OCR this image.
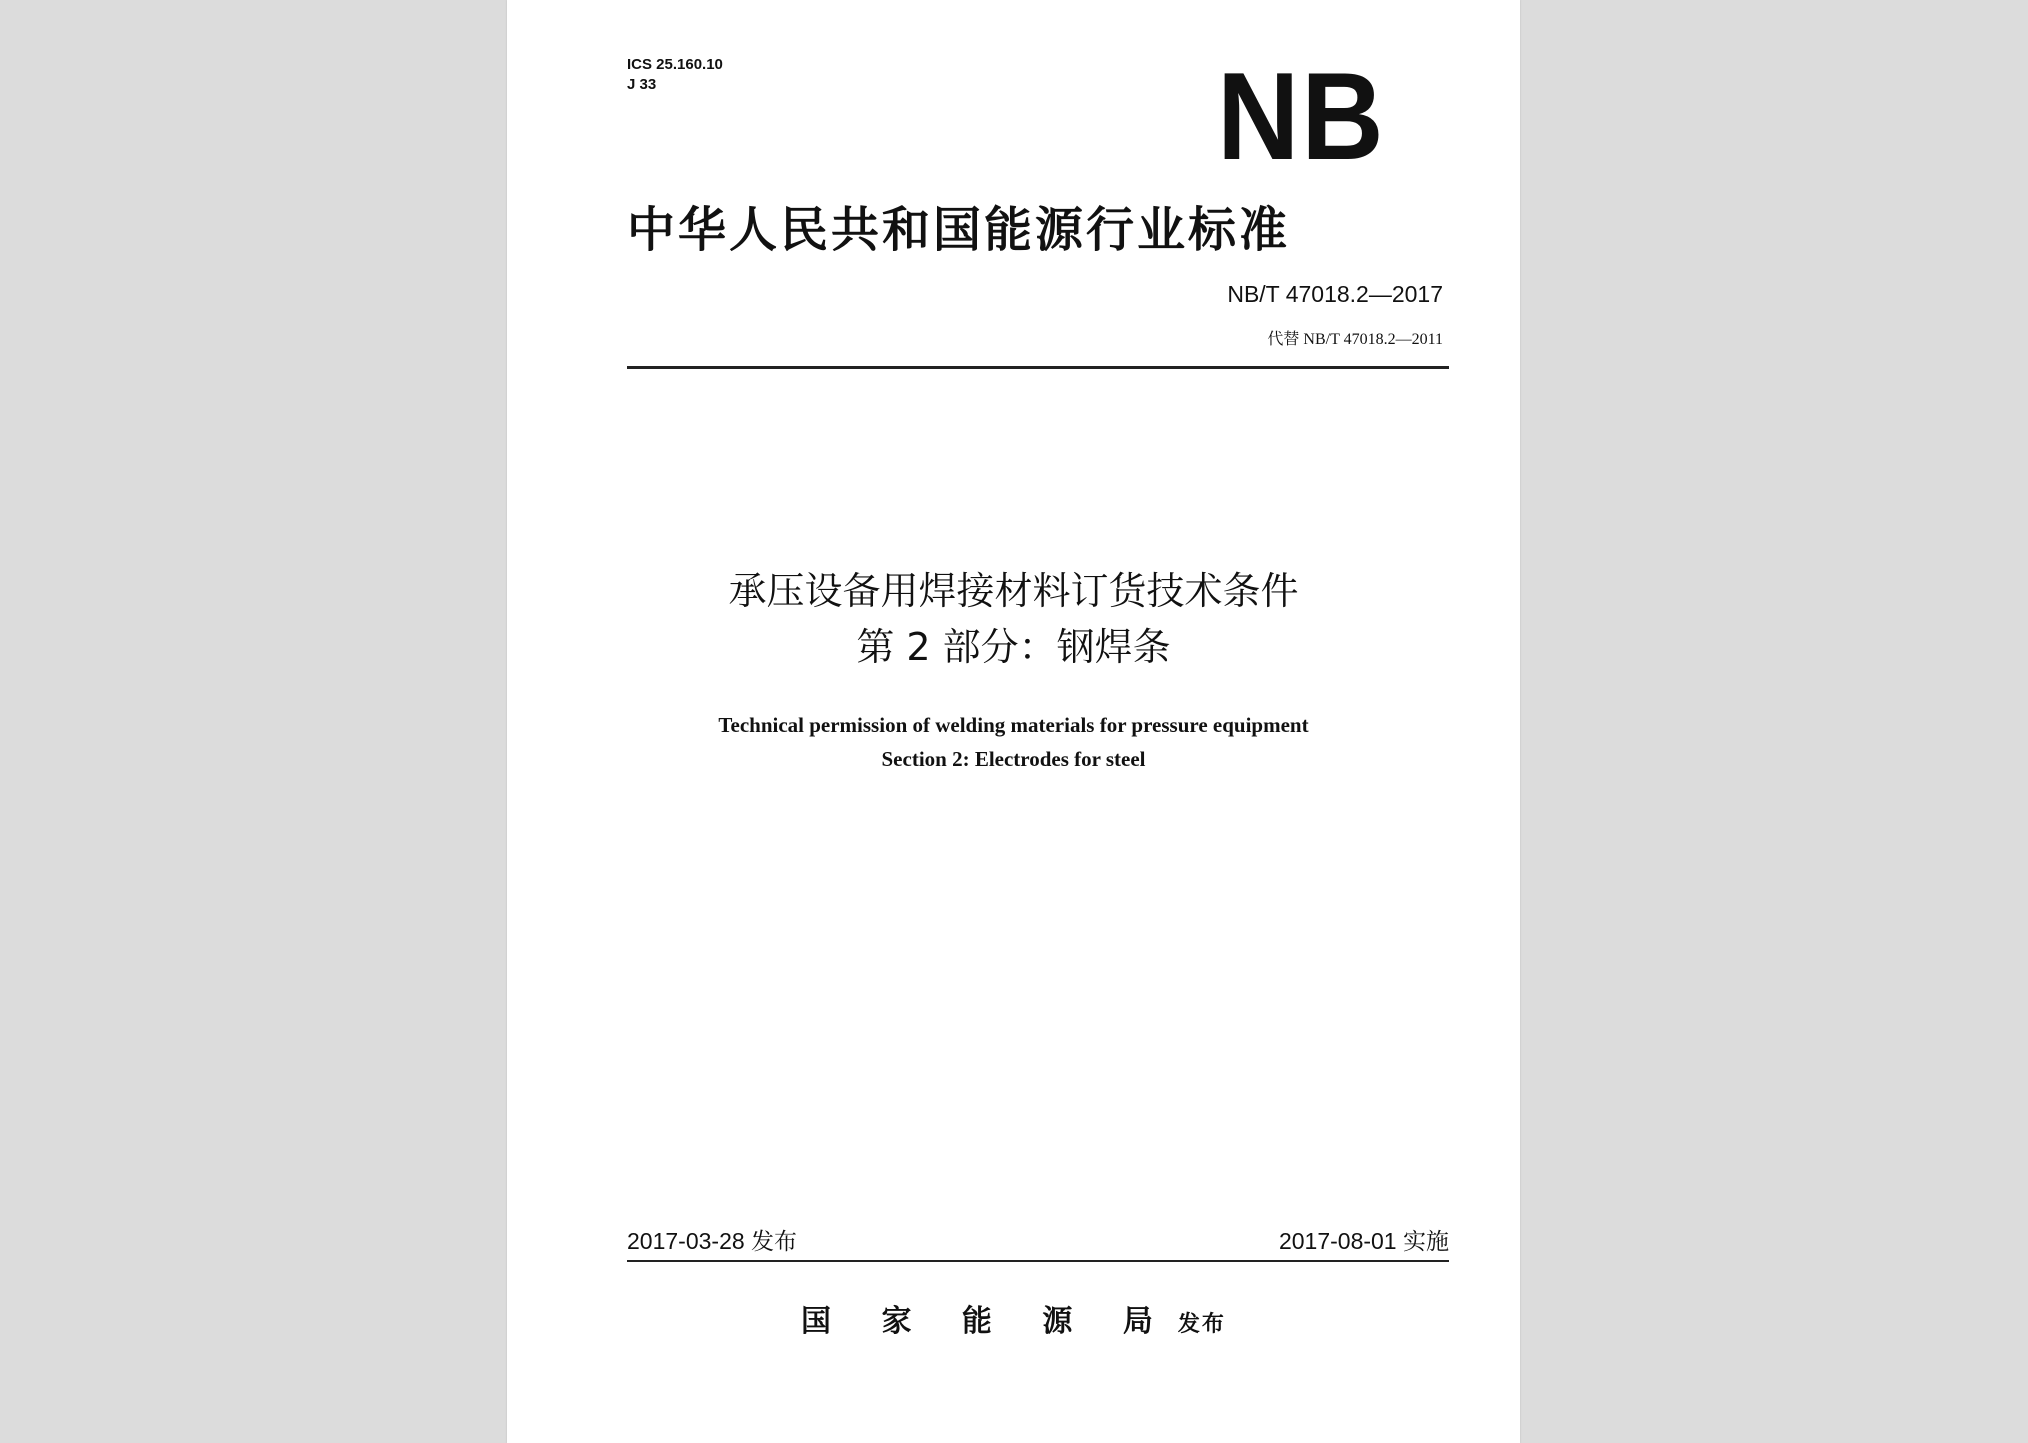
ICS 25.160.10
J 33	NB
中华人民共和国能源行业标准
NB/T 47018.2—2017
代替 NB/T 47018.2—2011
承压设备用焊接材料订货技术条件
第 2 部分：钢焊条
Technical permission of welding materials for pressure equipment
Section 2: Electrodes for steel
2017-03-28 发布	2017-08-01 实施
国 家 能 源 局 发布
